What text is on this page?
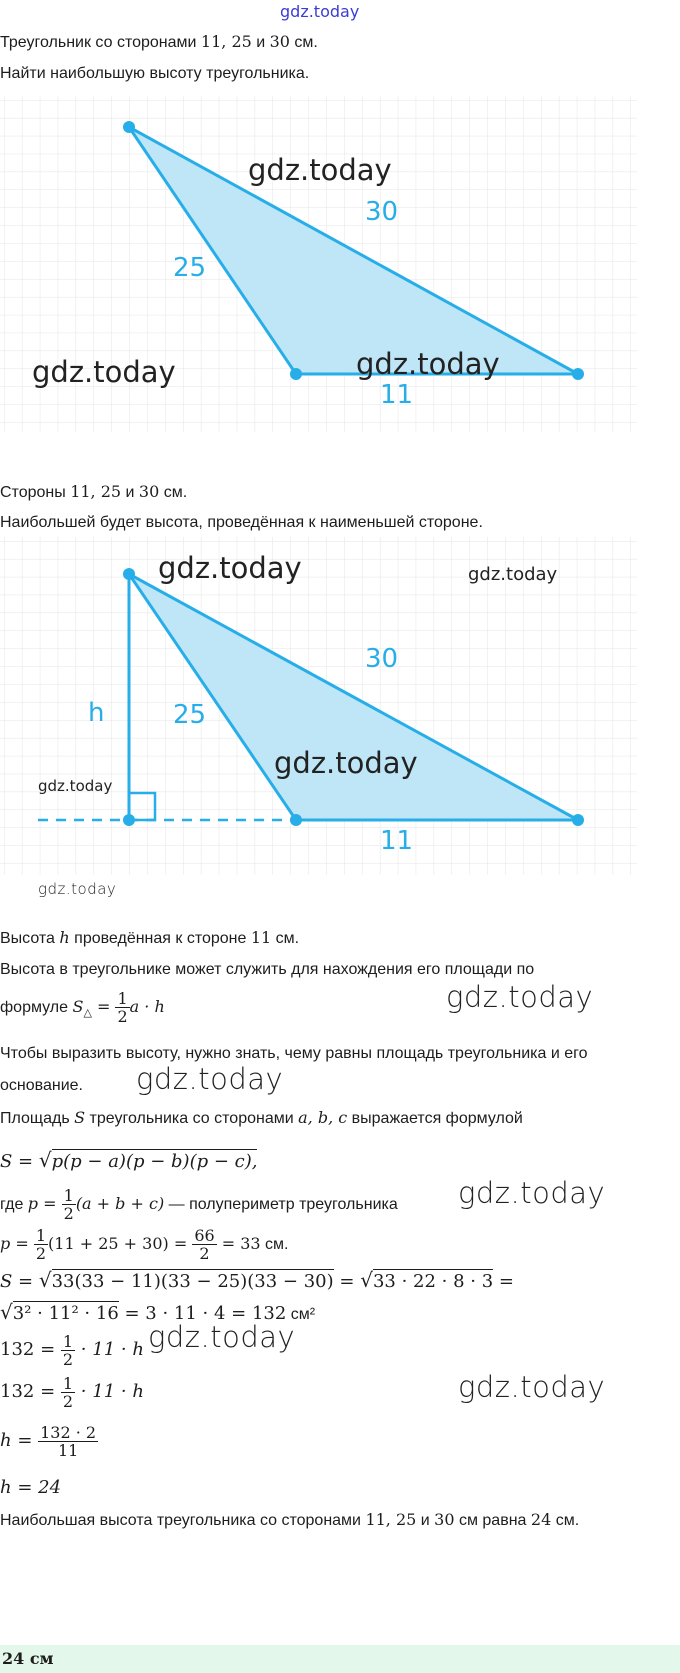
gdz.today
Треугольник со сторонами 11, 25 и 30 см.
Найти наибольшую высоту треугольника.
30
25
11
gdz.today
gdz.today
gdz.today
Стороны 11, 25 и 30 см.
Наибольшей будет высота, проведённая к наименьшей стороне.
30
25
11
h
gdz.today	gdz.today
gdz.today
gdz.today
gdz.today
Высота h проведённая к стороне 11 см.
Высота в треугольнике может служить для нахождения его площади по
формуле $S_\triangle = \frac{1}{2}$ a · h	gdz.today
Чтобы выразить высоту, нужно знать, чему равны площадь треугольника и его
основание. gdz.today
Площадь S треугольника со сторонами a, b, c выражается формулой
S = √p(p − a)(p − b)(p − c),
где $p = \frac{1}{2} (a + b + c)$ — полупериметр треугольника gdz.today
$p = \frac{1}{2} (11 + 25 + 30) = \frac{66}{2} = 33$ см.
S = √33(33 − 11)(33 − 25)(33 − 30) = √33 · 22 · 8 · 3 =
√3² · 11² · 16 = 3 · 11 · 4 = 132 см²
$132 = \frac{1}{2} \cdot 11 \cdot h$ gdz.today
$132 = \frac{1}{2} \cdot 11 \cdot h$	gdz.today
$h = \frac{132 \cdot 2}{11}$
h = 24
Наибольшая высота треугольника со сторонами 11, 25 и 30 см равна 24 см.
24 см
